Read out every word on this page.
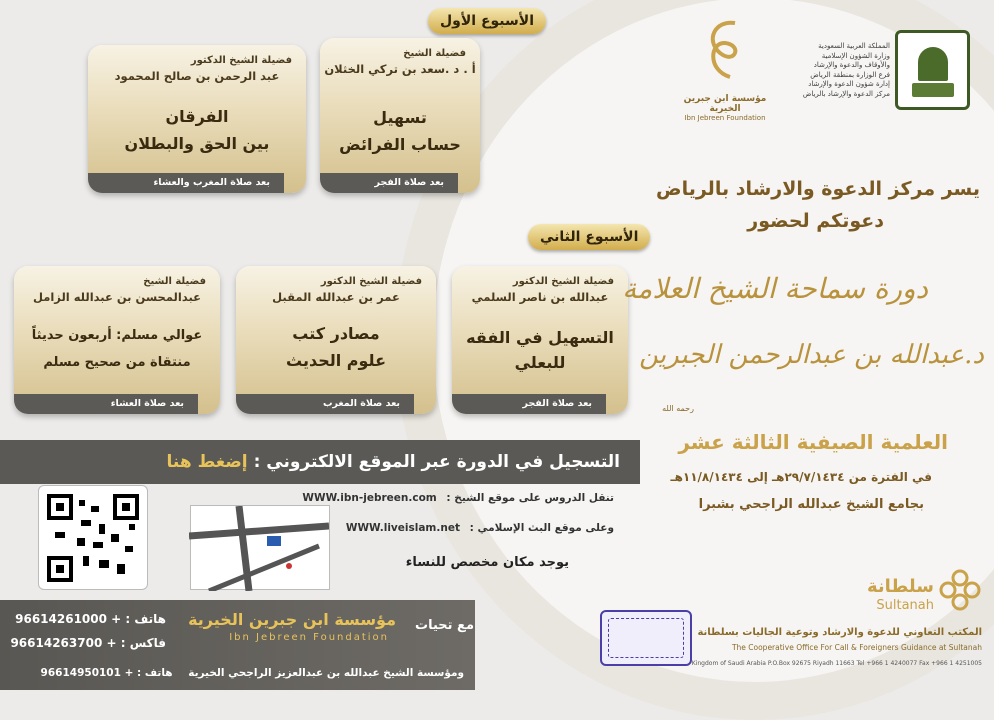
المملكة العربية السعودية
وزارة الشؤون الإسلامية
والأوقاف والدعوة والإرشاد
فرع الوزارة بمنطقة الرياض
إدارة شؤون الدعوة والإرشاد
مركز الدعوة والإرشاد بالرياض
مؤسسة ابن جبرين الخيرية
Ibn Jebreen Foundation
الأسبوع الأول
فضيلة الشيخ
أ . د .سعد بن تركي الخثلان
تسهيل
حساب الفرائض
بعد صلاة الفجر
فضيلة الشيخ الدكتور
عبد الرحمن بن صالح المحمود
الفرقان
بين الحق والبطلان
بعد صلاة المغرب والعشاء
الأسبوع الثاني
فضيلة الشيخ الدكتور
عبدالله بن ناصر السلمي
التسهيل في الفقه
للبعلي
بعد صلاة الفجر
فضيلة الشيخ الدكتور
عمر بن عبدالله المقبل
مصادر كتب
علوم الحديث
بعد صلاة المغرب
فضيلة الشيخ
عبدالمحسن بن عبدالله الزامل
عوالي مسلم: أربعون حديثاً
منتقاة من صحيح مسلم
بعد صلاة العشاء
يسر مركز الدعوة والارشاد بالرياض
دعوتكم لحضور
دورة سماحة الشيخ العلامة
د.عبدالله بن عبدالرحمن الجبرين
رحمه الله
العلمية الصيفية الثالثة عشر
في الفترة من ٢٩/٧/١٤٣٤هـ إلى ١١/٨/١٤٣٤هـ
بجامع الشيخ عبدالله الراجحي بشبرا
التسجيل في الدورة عبر الموقع الالكتروني : إضغط هنا
تنقل الدروس على موقع الشيخ : WWW.ibn-jebreen.com
وعلى موقع البث الإسلامي : WWW.liveislam.net
يوجد مكان مخصص للنساء
مع تحيات
مؤسسة ابن جبرين الخيرية
Ibn Jebreen Foundation
هاتف : 96614261000 +
فاكس : 96614263700 +
ومؤسسة الشيخ عبدالله بن عبدالعزيز الراجحي الخيرية هاتف : 96614950101 +
سلطانة
Sultanah
المكتب التعاوني للدعوة والارشاد وتوعية الجاليات بسلطانة
The Cooperative Office For Call & Foreigners Guidance at Sultanah
Kingdom of Saudi Arabia P.O.Box 92675 Riyadh 11663 Tel +966 1 4240077 Fax +966 1 4251005
